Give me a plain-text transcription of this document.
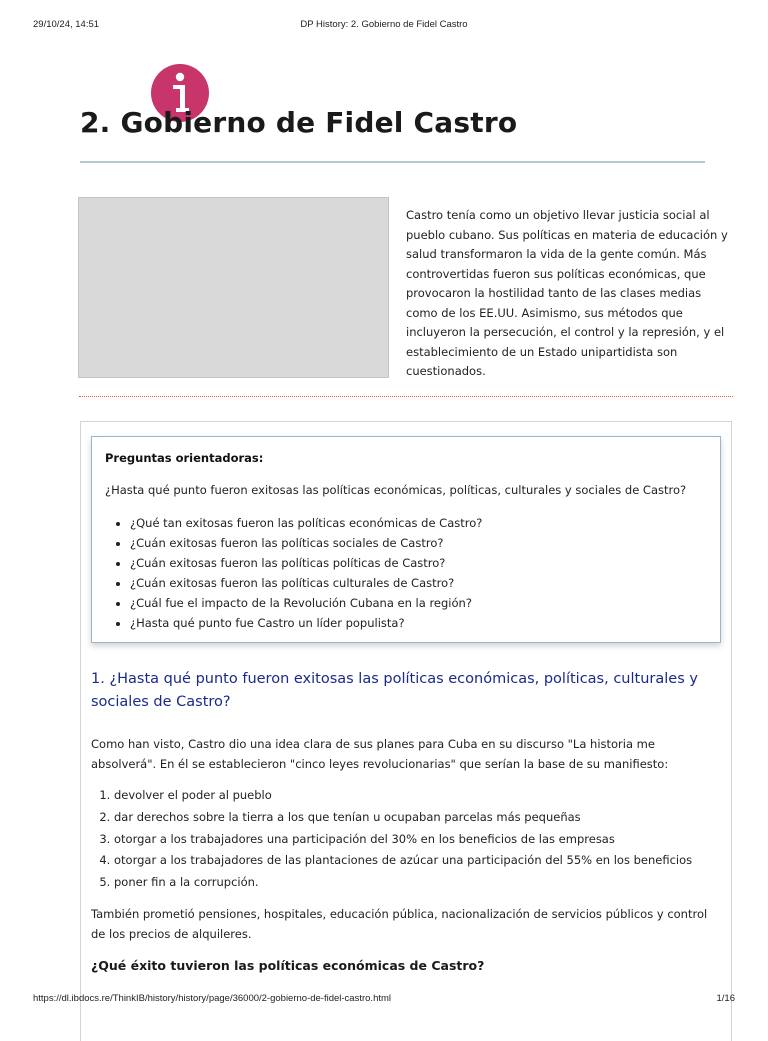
29/10/24, 14:51	DP History: 2. Gobierno de Fidel Castro
2. Gobierno de Fidel Castro

Castro tenía como un objetivo llevar justicia social al pueblo cubano. Sus políticas en materia de educación y salud transformaron la vida de la gente común. Más controvertidas fueron sus políticas económicas, que provocaron la hostilidad tanto de las clases medias como de los EE.UU. Asimismo, sus métodos que incluyeron la persecución, el control y la represión, y el establecimiento de un Estado unipartidista son cuestionados.

Preguntas orientadoras:

¿Hasta qué punto fueron exitosas las políticas económicas, políticas, culturales y sociales de Castro?

• ¿Qué tan exitosas fueron las políticas económicas de Castro?
• ¿Cuán exitosas fueron las políticas sociales de Castro?
• ¿Cuán exitosas fueron las políticas políticas de Castro?
• ¿Cuán exitosas fueron las políticas culturales de Castro?
• ¿Cuál fue el impacto de la Revolución Cubana en la región?
• ¿Hasta qué punto fue Castro un líder populista?
1. ¿Hasta qué punto fueron exitosas las políticas económicas, políticas, culturales y sociales de Castro?

Como han visto, Castro dio una idea clara de sus planes para Cuba en su discurso "La historia me absolverá". En él se establecieron "cinco leyes revolucionarias" que serían la base de su manifiesto:

1. devolver el poder al pueblo
2. dar derechos sobre la tierra a los que tenían u ocupaban parcelas más pequeñas
3. otorgar a los trabajadores una participación del 30% en los beneficios de las empresas
4. otorgar a los trabajadores de las plantaciones de azúcar una participación del 55% en los beneficios
5. poner fin a la corrupción.

También prometió pensiones, hospitales, educación pública, nacionalización de servicios públicos y control de los precios de alquileres.

¿Qué éxito tuvieron las políticas económicas de Castro?
https://dl.ibdocs.re/ThinkIB/history/history/page/36000/2-gobierno-de-fidel-castro.html	1/16
